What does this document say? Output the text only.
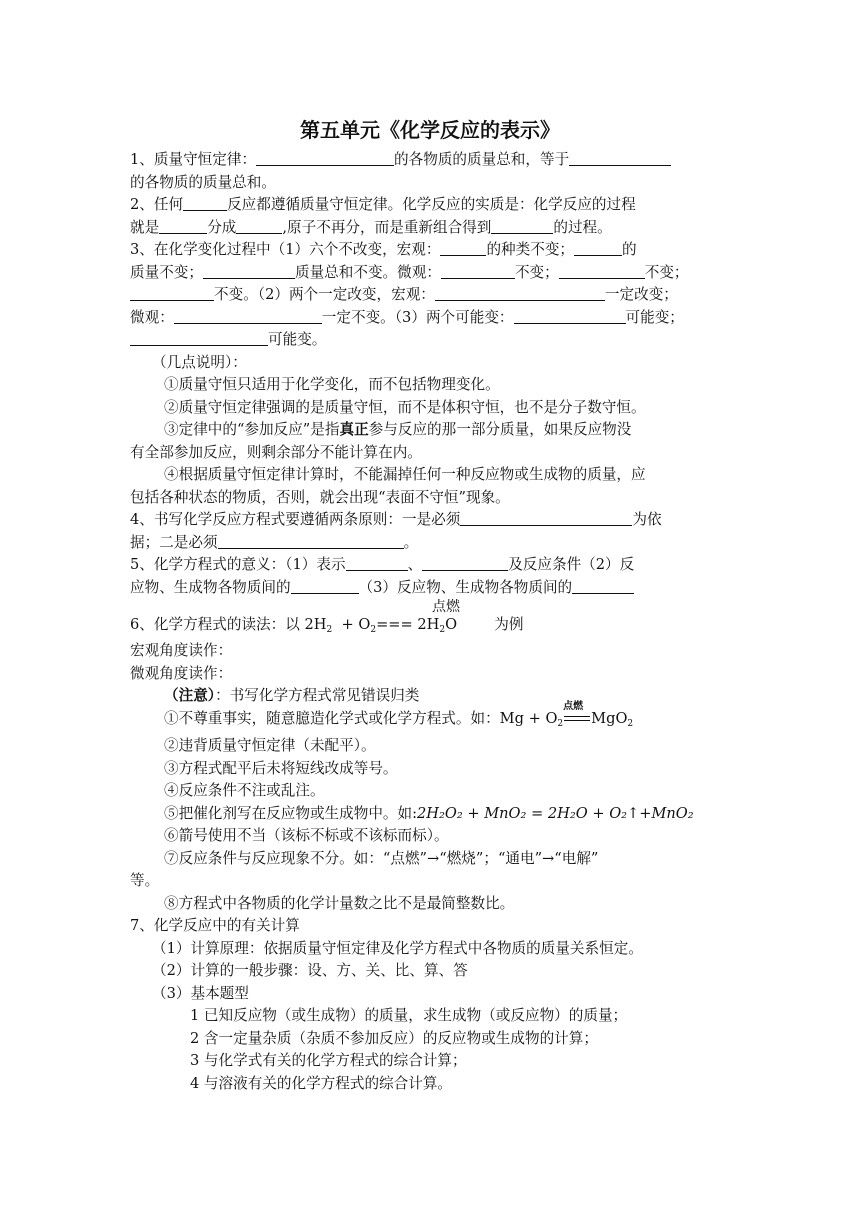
第五单元《化学反应的表示》
1、质量守恒定律：	的各物质的质量总和，等于
的各物质的质量总和。
2、任何	反应都遵循质量守恒定律。化学反应的实质是：化学反应的过程
就是	分成	,原子不再分，而是重新组合得到	的过程。
3、在化学变化过程中（1）六个不改变，宏观：	的种类不变；	的
质量不变；	质量总和不变。微观：	不变；	不变；
不变。（2）两个一定改变，宏观：	一定改变；
微观：	一定不变。（3）两个可能变：	可能变；
可能变。
（几点说明）：
①质量守恒只适用于化学变化，而不包括物理变化。
②质量守恒定律强调的是质量守恒，而不是体积守恒，也不是分子数守恒。
③定律中的“参加反应”是指真正参与反应的那一部分质量，如果反应物没
有全部参加反应，则剩余部分不能计算在内。
④根据质量守恒定律计算时，不能漏掉任何一种反应物或生成物的质量，应
包括各种状态的物质，否则，就会出现“表面不守恒”现象。
4、书写化学反应方程式要遵循两条原则：一是必须	为依
据；二是必须	。
5、化学方程式的意义：（1）表示	、	及反应条件（2）反
应物、生成物各物质间的	（3）反应物、生成物各物质间的
点燃
6、化学方程式的读法：以 $2H_2 + O_2=== 2H_2O$	为例
宏观角度读作：
微观角度读作：
（注意）：书写化学方程式常见错误归类
①不尊重事实，随意臆造化学式或化学方程式。如：$Mg + O_2$
点燃
MgO$_2$
②违背质量守恒定律（未配平）。
③方程式配平后未将短线改成等号。
④反应条件不注或乱注。
⑤把催化剂写在反应物或生成物中。如:2H₂O₂ + MnO₂ = 2H₂O + O₂↑+MnO₂
⑥箭号使用不当（该标不标或不该标而标）。
⑦反应条件与反应现象不分。如：“点燃”→“燃烧”；“通电”→“电解”
等。
⑧方程式中各物质的化学计量数之比不是最简整数比。
7、化学反应中的有关计算
（1）计算原理：依据质量守恒定律及化学方程式中各物质的质量关系恒定。
（2）计算的一般步骤：设、方、关、比、算、答
（3）基本题型
1 已知反应物（或生成物）的质量，求生成物（或反应物）的质量；
2 含一定量杂质（杂质不参加反应）的反应物或生成物的计算；
3 与化学式有关的化学方程式的综合计算；
4 与溶液有关的化学方程式的综合计算。
